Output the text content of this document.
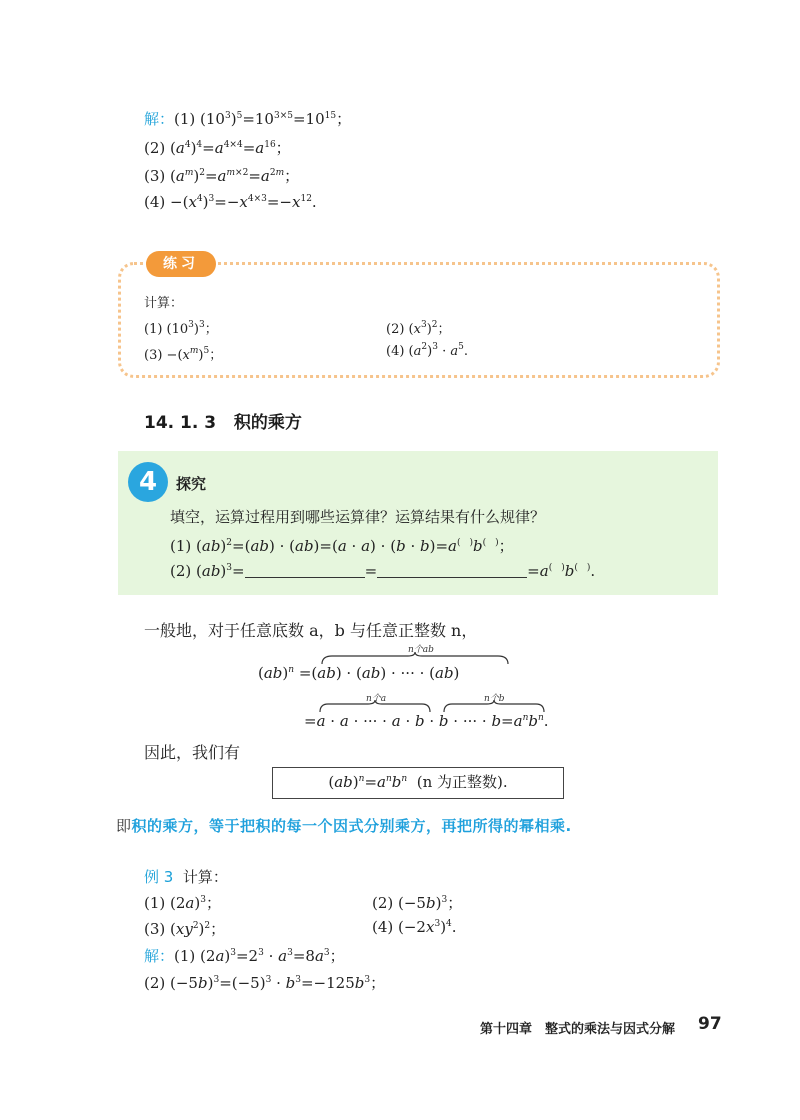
解：(1) $(10^3)^5=10^{3\times 5}=10^{15}$；
(2) $(a^4)^4=a^{4\times 4}=a^{16}$；
(3) $(a^m)^2=a^{m\times 2}=a^{2m}$；
$(4) -(x^4)^3=-x^{4\times 3}=-x^{12}$.
练习
计算：
(1) $(10^3)^3$；	(2) $(x^3)^2$；
$(3) -(x^m)^5$；	(4) $(a^2)^3 \cdot a^5$.
14. 1. 3 积的乘方
4	探究
填空，运算过程用到哪些运算律？运算结果有什么规律？
(1) (ab)$^2$=(ab) · (ab)=(a · a) · (b · b)=a(　)b(　)；
(2) (ab)$^3$=	=	=a(　)b(　).
一般地，对于任意底数 a，b 与任意正整数 n，
n个ab
(ab)$^n$ =(ab) · (ab) · ··· · (ab)
n个a	n个b
=a · a · ··· · a · b · b · ··· · $b=a^nb^n$.
因此，我们有
$(ab)^n=a^nb^n$ (n 为正整数).
即积的乘方，等于把积的每一个因式分别乘方，再把所得的幂相乘.
例 3 计算：
(1) $(2a)^3$；	(2) $(-5b)^3$；
(3) $(xy^2)^2$；	(4) $(-2x^3)^4$.
解：(1) $(2a)^3=2^3 \cdot a^3=8a^3$；
(2) $(-5b)^3=(-5)^3 \cdot b^3=-125b^3$；
第十四章　整式的乘法与因式分解 97
